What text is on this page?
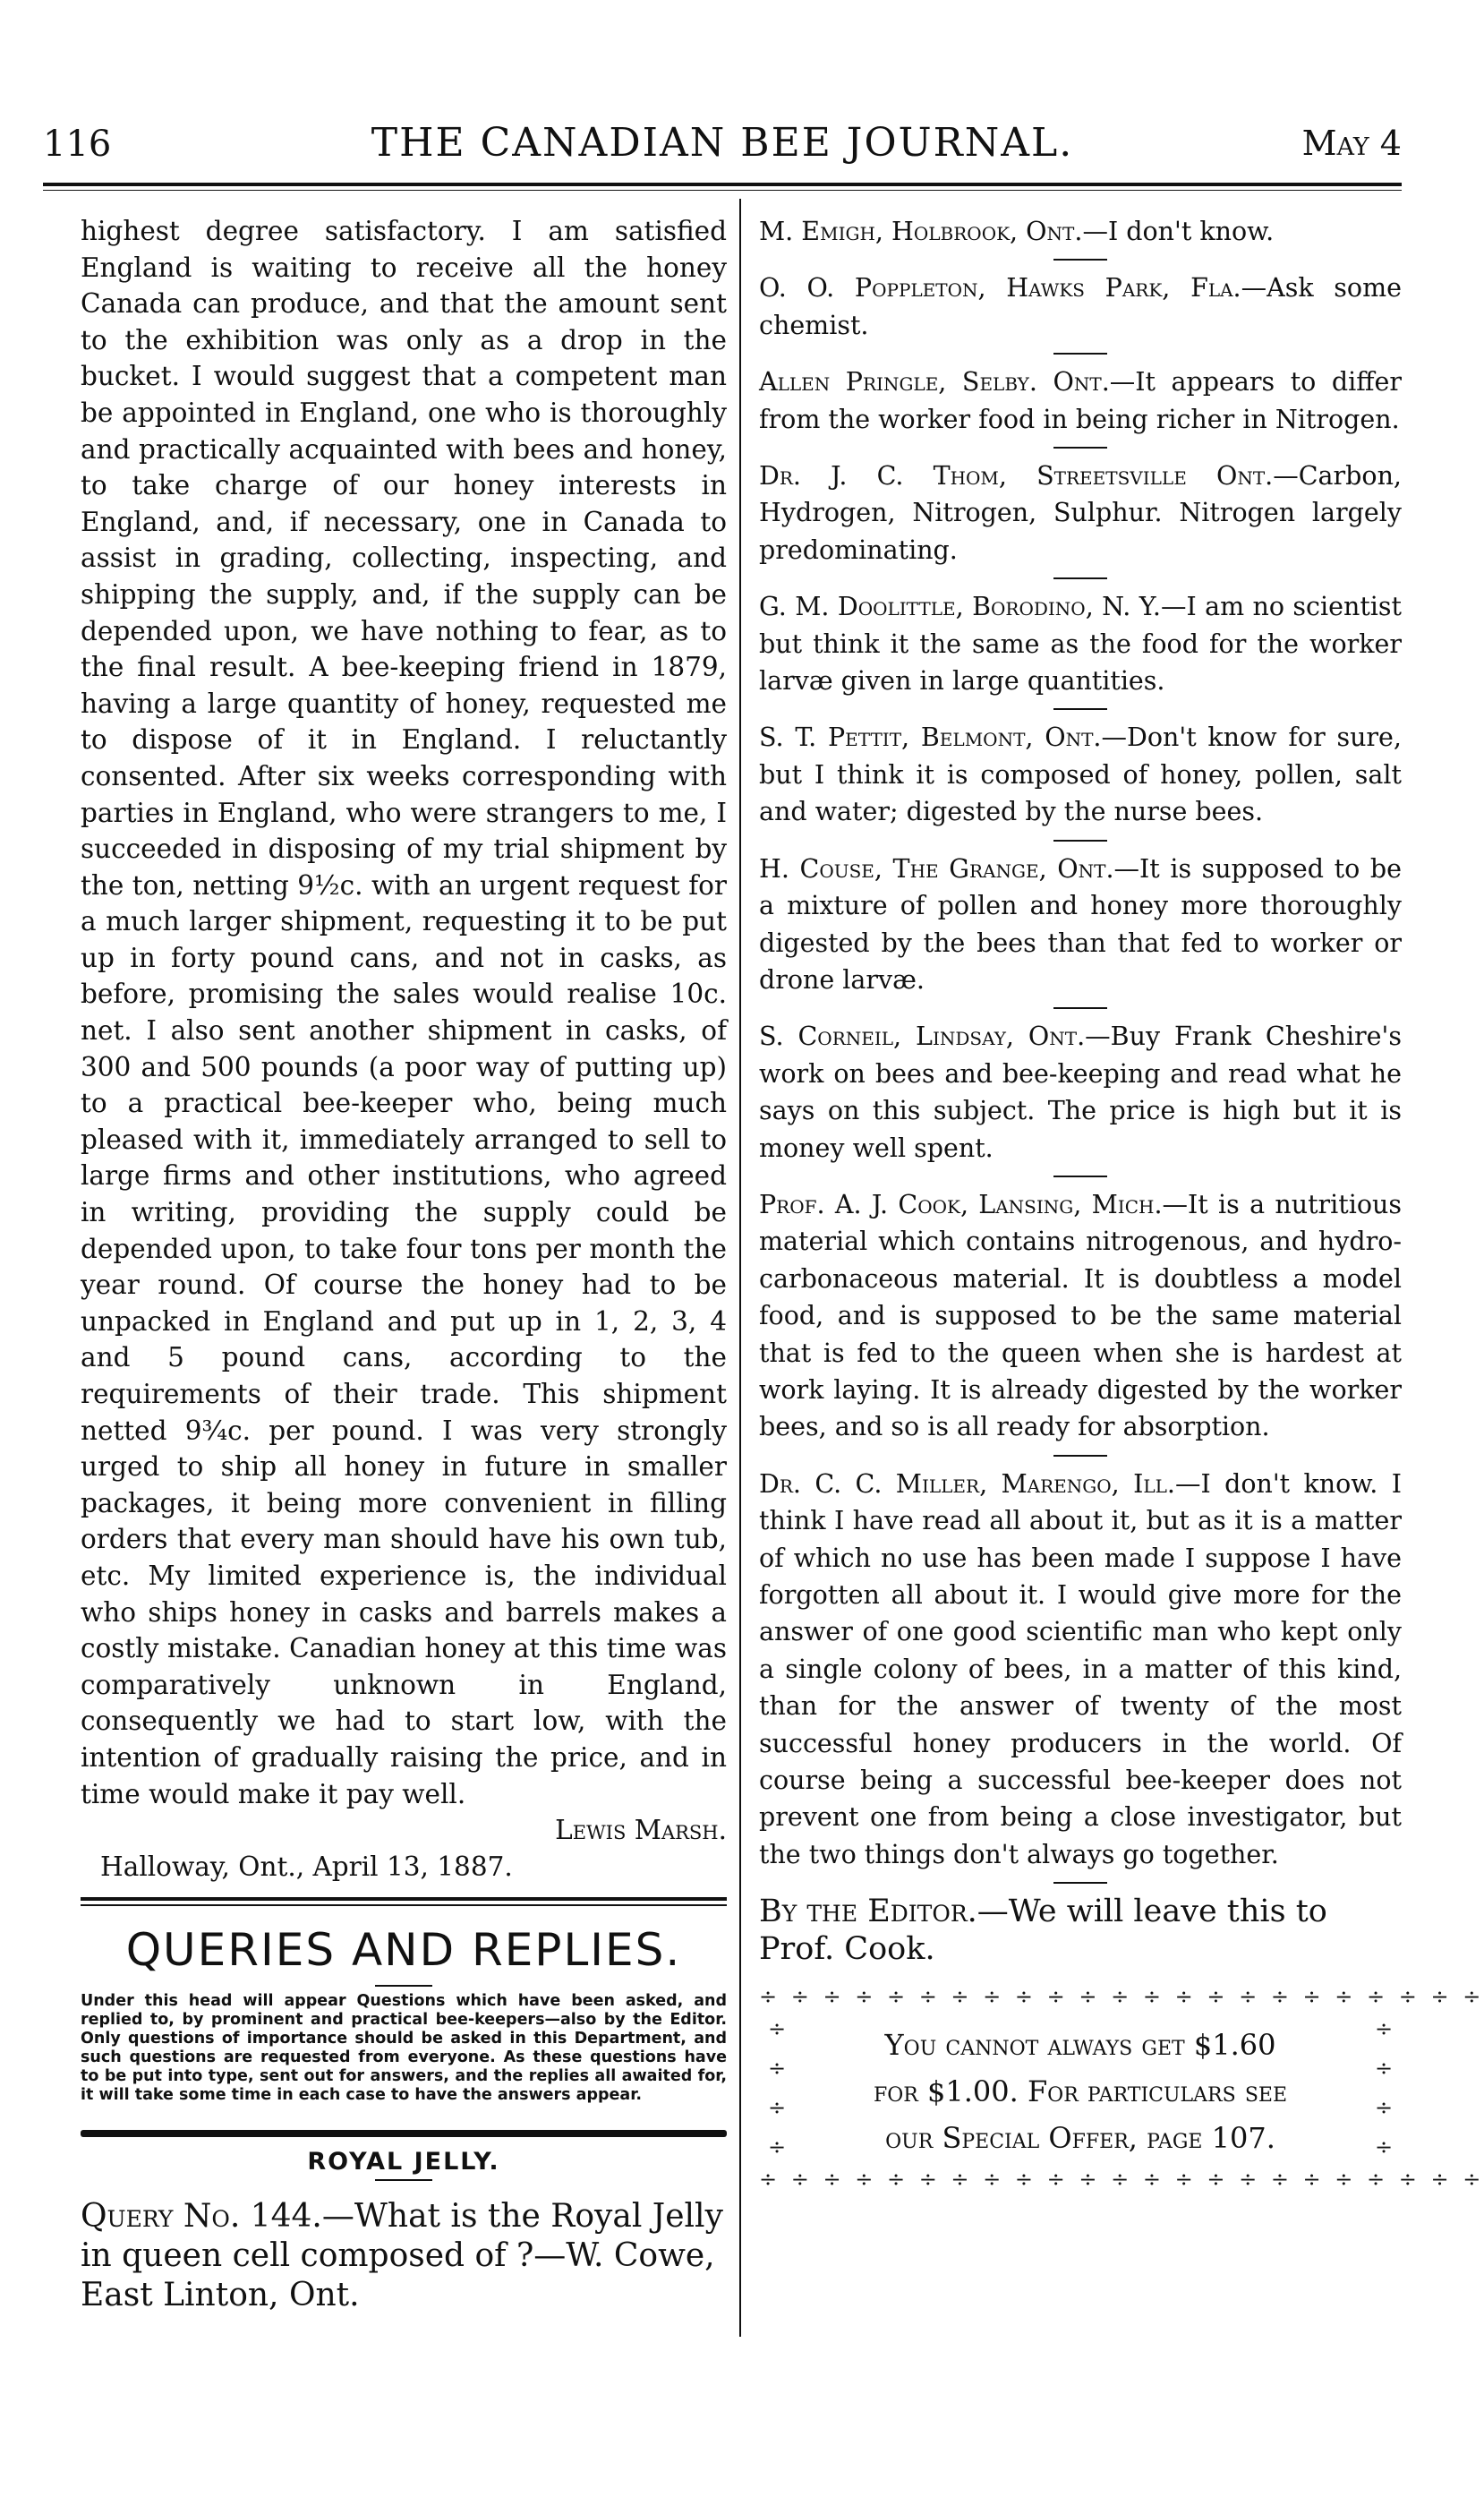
116	THE CANADIAN BEE JOURNAL.	May 4

highest degree satisfactory. I am satisfied England is waiting to receive all the honey Canada can produce, and that the amount sent to the exhibition was only as a drop in the bucket. I would suggest that a competent man be appointed in England, one who is thoroughly and practically acquainted with bees and honey, to take charge of our honey interests in England, and, if necessary, one in Canada to assist in grading, collecting, inspecting, and shipping the supply, and, if the supply can be depended upon, we have nothing to fear, as to the final result. A bee-keeping friend in 1879, having a large quantity of honey, requested me to dispose of it in England. I reluctantly consented. After six weeks corresponding with parties in England, who were strangers to me, I succeeded in disposing of my trial shipment by the ton, netting 9½c. with an urgent request for a much larger shipment, requesting it to be put up in forty pound cans, and not in casks, as before, promising the sales would realise 10c. net. I also sent another shipment in casks, of 300 and 500 pounds (a poor way of putting up) to a practical bee-keeper who, being much pleased with it, immediately arranged to sell to large firms and other institutions, who agreed in writing, providing the supply could be depended upon, to take four tons per month the year round. Of course the honey had to be unpacked in England and put up in 1, 2, 3, 4 and 5 pound cans, according to the requirements of their trade. This shipment netted 9¾c. per pound. I was very strongly urged to ship all honey in future in smaller packages, it being more convenient in filling orders that every man should have his own tub, etc. My limited experience is, the individual who ships honey in casks and barrels makes a costly mistake. Canadian honey at this time was comparatively unknown in England, consequently we had to start low, with the intention of gradually raising the price, and in time would make it pay well.

Lewis Marsh.
Halloway, Ont., April 13, 1887.
QUERIES AND REPLIES.

Under this head will appear Questions which have been asked, and replied to, by prominent and practical bee-keepers—also by the Editor. Only questions of importance should be asked in this Department, and such questions are requested from everyone. As these questions have to be put into type, sent out for answers, and the replies all awaited for, it will take some time in each case to have the answers appear.

ROYAL JELLY.

Query No. 144.—What is the Royal Jelly in queen cell composed of ?—W. Cowe, East Linton, Ont.

M. Emigh, Holbrook, Ont.—I don't know.

O. O. Poppleton, Hawks Park, Fla.—Ask some chemist.

Allen Pringle, Selby. Ont.—It appears to differ from the worker food in being richer in Nitrogen.

Dr. J. C. Thom, Streetsville Ont.—Carbon, Hydrogen, Nitrogen, Sulphur. Nitrogen largely predominating.

G. M. Doolittle, Borodino, N. Y.—I am no scientist but think it the same as the food for the worker larvæ given in large quantities.

S. T. Pettit, Belmont, Ont.—Don't know for sure, but I think it is composed of honey, pollen, salt and water; digested by the nurse bees.

H. Couse, The Grange, Ont.—It is supposed to be a mixture of pollen and honey more thoroughly digested by the bees than that fed to worker or drone larvæ.

S. Corneil, Lindsay, Ont.—Buy Frank Cheshire's work on bees and bee-keeping and read what he says on this subject. The price is high but it is money well spent.

Prof. A. J. Cook, Lansing, Mich.—It is a nutritious material which contains nitrogenous, and hydro-carbonaceous material. It is doubtless a model food, and is supposed to be the same material that is fed to the queen when she is hardest at work laying. It is already digested by the worker bees, and so is all ready for absorption.

Dr. C. C. Miller, Marengo, Ill.—I don't know. I think I have read all about it, but as it is a matter of which no use has been made I suppose I have forgotten all about it. I would give more for the answer of one good scientific man who kept only a single colony of bees, in a matter of this kind, than for the answer of twenty of the most successful honey producers in the world. Of course being a successful bee-keeper does not prevent one from being a close investigator, but the two things don't always go together.

By the Editor.—We will leave this to Prof. Cook.

÷ ÷ ÷ ÷ ÷ ÷ ÷ ÷ ÷ ÷ ÷ ÷ ÷ ÷ ÷ ÷ ÷ ÷ ÷ ÷ ÷ ÷ ÷
÷
÷
÷
÷
You cannot always get $1.60
for $1.00. For particulars see
our Special Offer, page 107.
÷
÷
÷
÷
÷ ÷ ÷ ÷ ÷ ÷ ÷ ÷ ÷ ÷ ÷ ÷ ÷ ÷ ÷ ÷ ÷ ÷ ÷ ÷ ÷ ÷ ÷
